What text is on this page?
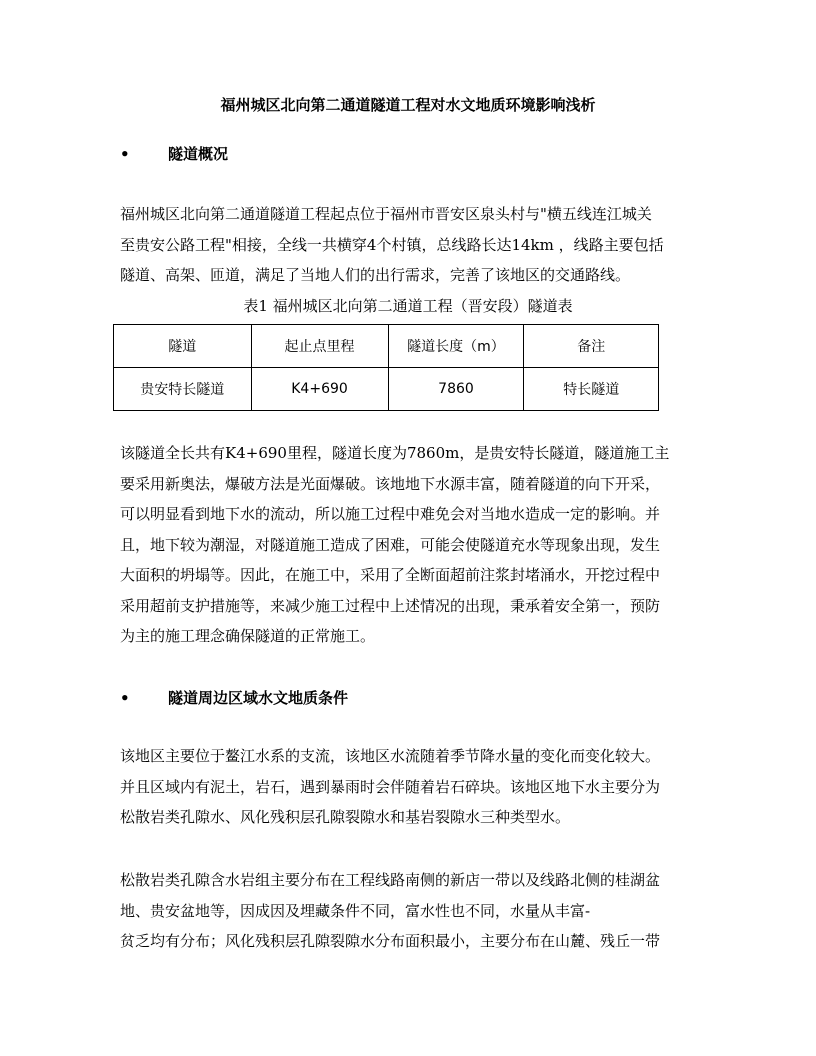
福州城区北向第二通道隧道工程对水文地质环境影响浅析
•	隧道概况
福州城区北向第二通道隧道工程起点位于福州市晋安区泉头村与"横五线连江城关
至贵安公路工程"相接，全线一共横穿4个村镇，总线路长达14km ，线路主要包括
隧道、高架、匝道，满足了当地人们的出行需求，完善了该地区的交通路线。
表1 福州城区北向第二通道工程（晋安段）隧道表
隧道	起止点里程	隧道长度（m）	备注
贵安特长隧道	K4+690	7860	特长隧道
该隧道全长共有K4+690里程，隧道长度为7860m，是贵安特长隧道，隧道施工主
要采用新奥法，爆破方法是光面爆破。该地地下水源丰富，随着隧道的向下开采，
可以明显看到地下水的流动，所以施工过程中难免会对当地水造成一定的影响。并
且，地下较为潮湿，对隧道施工造成了困难，可能会使隧道充水等现象出现，发生
大面积的坍塌等。因此，在施工中，采用了全断面超前注浆封堵涌水，开挖过程中
采用超前支护措施等，来减少施工过程中上述情况的出现，秉承着安全第一，预防
为主的施工理念确保隧道的正常施工。
•	隧道周边区域水文地质条件
该地区主要位于鳌江水系的支流，该地区水流随着季节降水量的变化而变化较大。
并且区域内有泥土，岩石，遇到暴雨时会伴随着岩石碎块。该地区地下水主要分为
松散岩类孔隙水、风化残积层孔隙裂隙水和基岩裂隙水三种类型水。
松散岩类孔隙含水岩组主要分布在工程线路南侧的新店一带以及线路北侧的桂湖盆
地、贵安盆地等，因成因及埋藏条件不同，富水性也不同，水量从丰富-
贫乏均有分布；风化残积层孔隙裂隙水分布面积最小，主要分布在山麓、残丘一带
